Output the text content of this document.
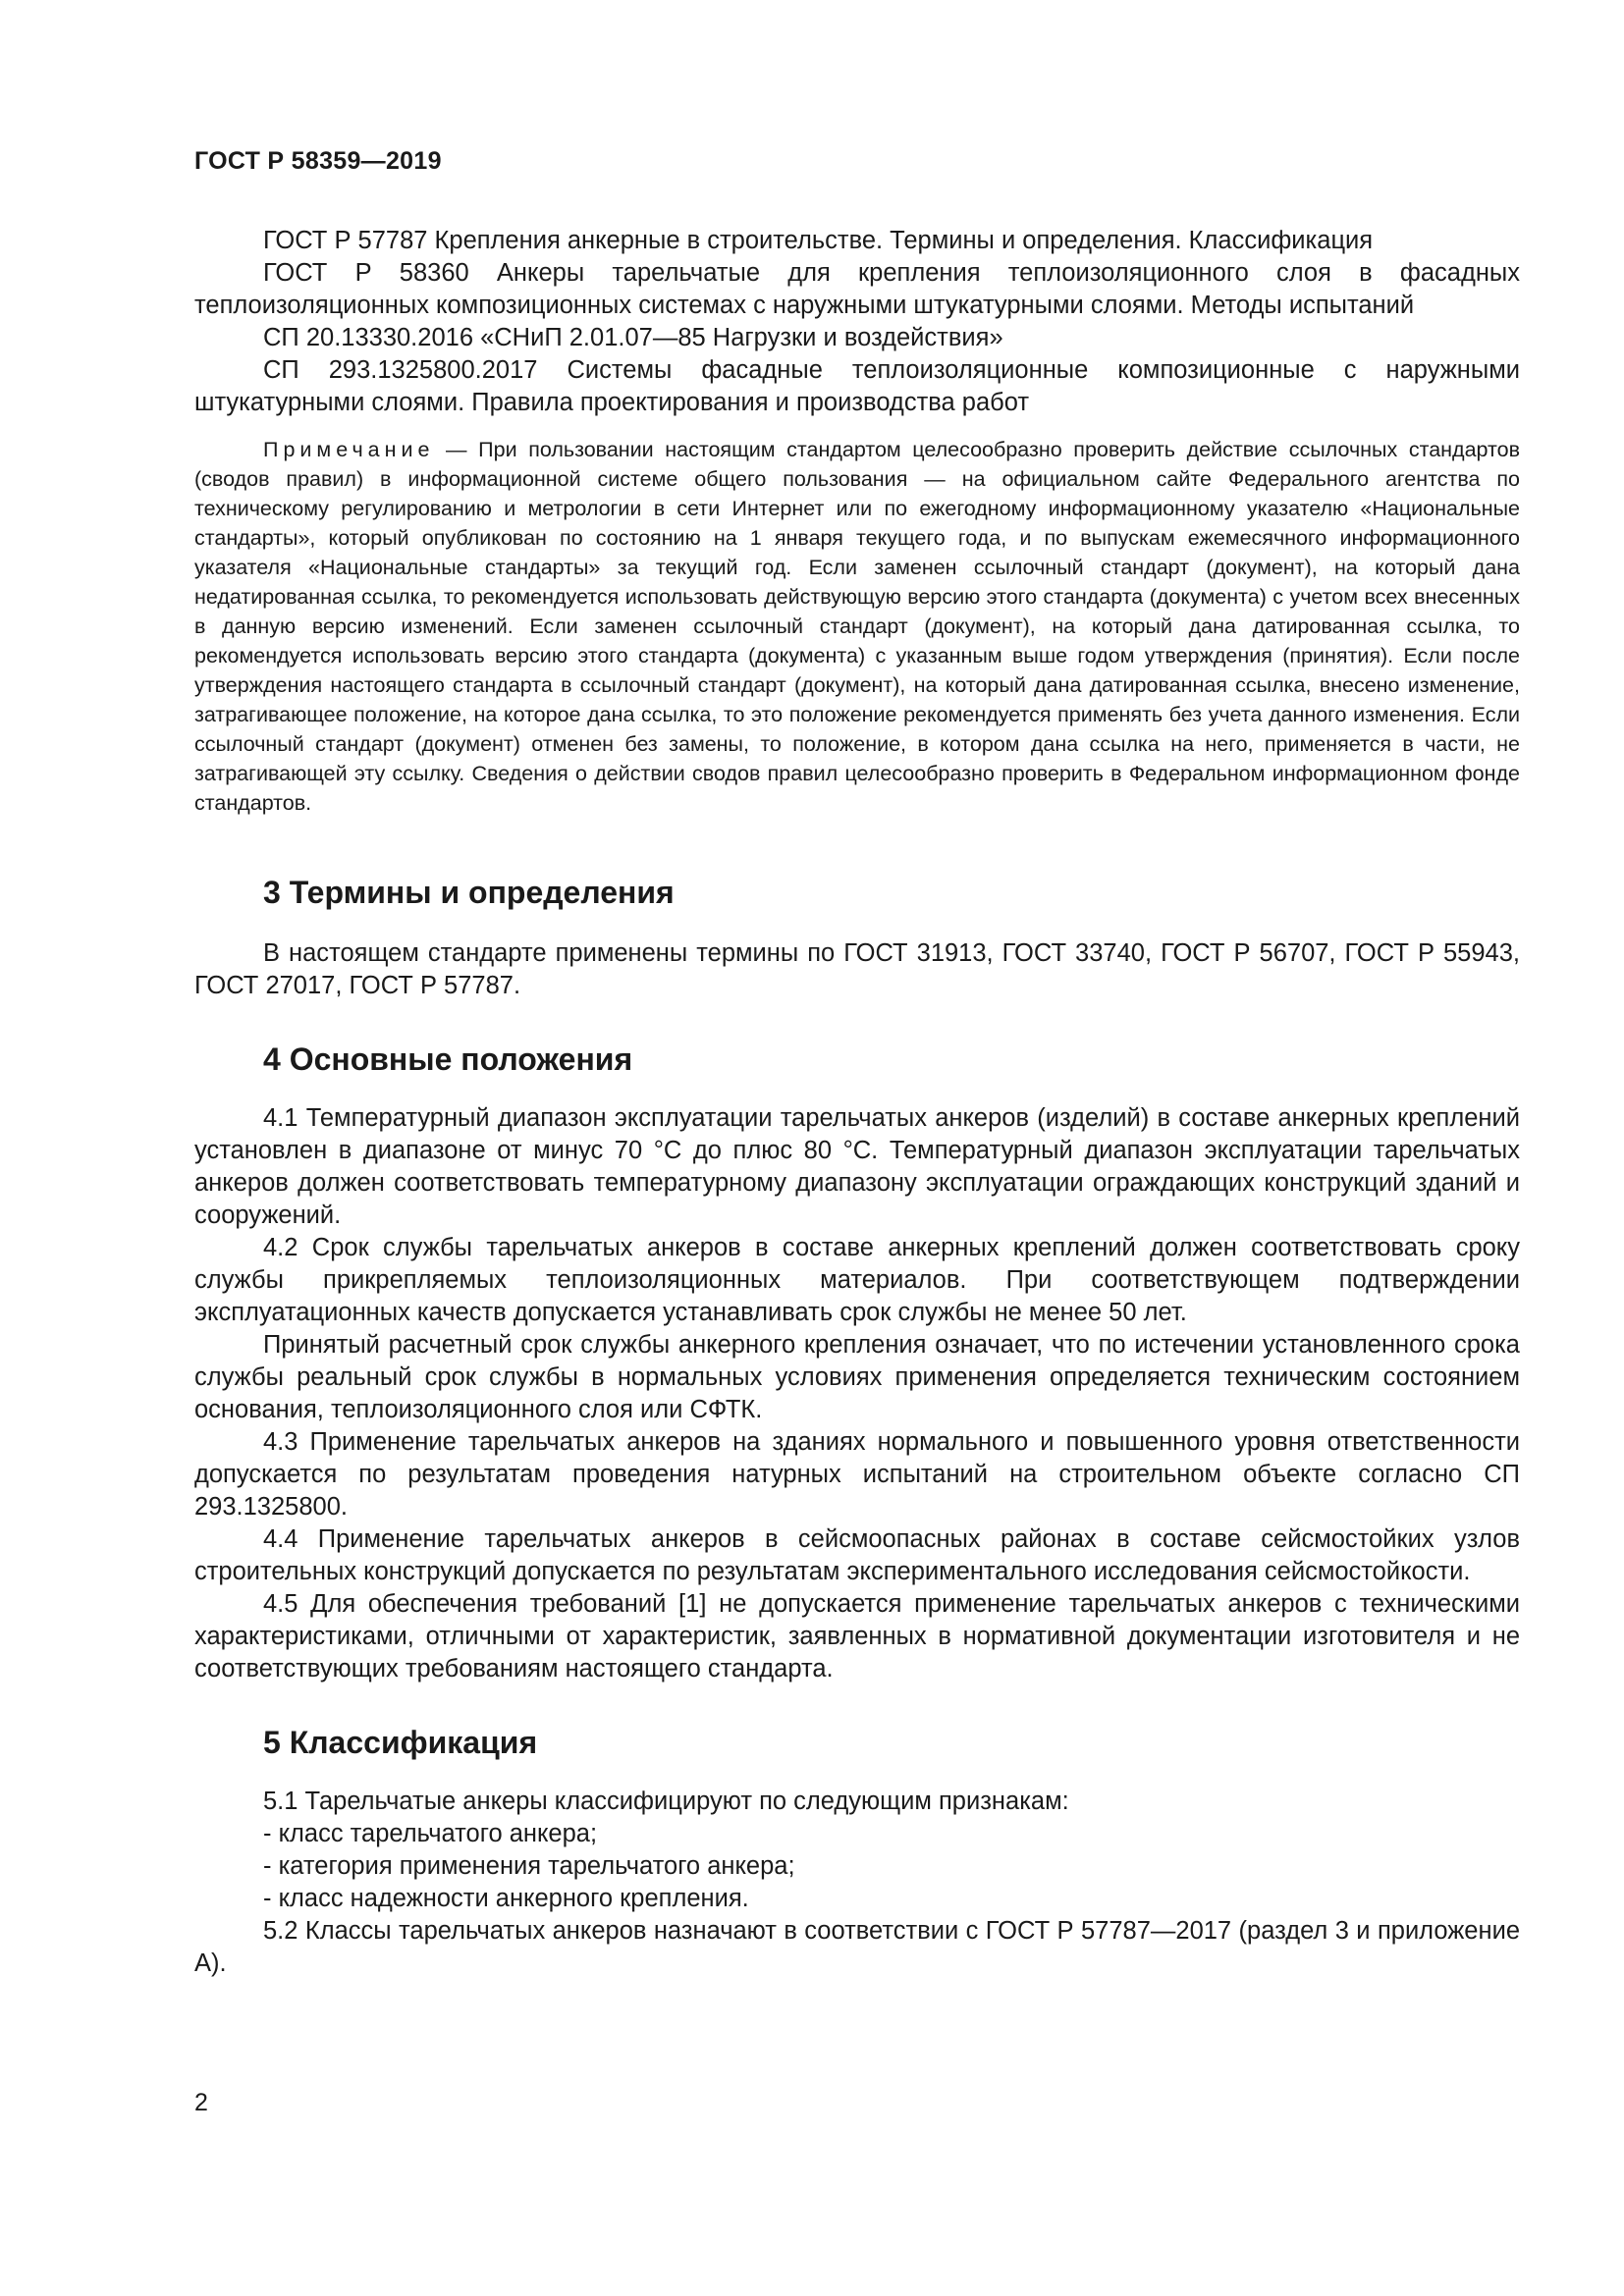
ГОСТ Р 58359—2019

ГОСТ Р 57787 Крепления анкерные в строительстве. Термины и определения. Классификация

ГОСТ Р 58360 Анкеры тарельчатые для крепления теплоизоляционного слоя в фасадных теплоизоляционных композиционных системах с наружными штукатурными слоями. Методы испытаний

СП 20.13330.2016 «СНиП 2.01.07—85 Нагрузки и воздействия»

СП 293.1325800.2017 Системы фасадные теплоизоляционные композиционные с наружными штукатурными слоями. Правила проектирования и производства работ

Примечание — При пользовании настоящим стандартом целесообразно проверить действие ссылочных стандартов (сводов правил) в информационной системе общего пользования — на официальном сайте Федерального агентства по техническому регулированию и метрологии в сети Интернет или по ежегодному информационному указателю «Национальные стандарты», который опубликован по состоянию на 1 января текущего года, и по выпускам ежемесячного информационного указателя «Национальные стандарты» за текущий год. Если заменен ссылочный стандарт (документ), на который дана недатированная ссылка, то рекомендуется использовать действующую версию этого стандарта (документа) с учетом всех внесенных в данную версию изменений. Если заменен ссылочный стандарт (документ), на который дана датированная ссылка, то рекомендуется использовать версию этого стандарта (документа) с указанным выше годом утверждения (принятия). Если после утверждения настоящего стандарта в ссылочный стандарт (документ), на который дана датированная ссылка, внесено изменение, затрагивающее положение, на которое дана ссылка, то это положение рекомендуется применять без учета данного изменения. Если ссылочный стандарт (документ) отменен без замены, то положение, в котором дана ссылка на него, применяется в части, не затрагивающей эту ссылку. Сведения о действии сводов правил целесообразно проверить в Федеральном информационном фонде стандартов.

3 Термины и определения

В настоящем стандарте применены термины по ГОСТ 31913, ГОСТ 33740, ГОСТ Р 56707, ГОСТ Р 55943, ГОСТ 27017, ГОСТ Р 57787.

4 Основные положения

4.1 Температурный диапазон эксплуатации тарельчатых анкеров (изделий) в составе анкерных креплений установлен в диапазоне от минус 70 °С до плюс 80 °С. Температурный диапазон эксплуатации тарельчатых анкеров должен соответствовать температурному диапазону эксплуатации ограждающих конструкций зданий и сооружений.

4.2 Срок службы тарельчатых анкеров в составе анкерных креплений должен соответствовать сроку службы прикрепляемых теплоизоляционных материалов. При соответствующем подтверждении эксплуатационных качеств допускается устанавливать срок службы не менее 50 лет.

Принятый расчетный срок службы анкерного крепления означает, что по истечении установленного срока службы реальный срок службы в нормальных условиях применения определяется техническим состоянием основания, теплоизоляционного слоя или СФТК.

4.3 Применение тарельчатых анкеров на зданиях нормального и повышенного уровня ответственности допускается по результатам проведения натурных испытаний на строительном объекте согласно СП 293.1325800.

4.4 Применение тарельчатых анкеров в сейсмоопасных районах в составе сейсмостойких узлов строительных конструкций допускается по результатам экспериментального исследования сейсмостойкости.

4.5 Для обеспечения требований [1] не допускается применение тарельчатых анкеров с техническими характеристиками, отличными от характеристик, заявленных в нормативной документации изготовителя и не соответствующих требованиям настоящего стандарта.

5 Классификация

5.1 Тарельчатые анкеры классифицируют по следующим признакам:

- класс тарельчатого анкера;

- категория применения тарельчатого анкера;

- класс надежности анкерного крепления.

5.2 Классы тарельчатых анкеров назначают в соответствии с ГОСТ Р 57787—2017 (раздел 3 и приложение А).

2
